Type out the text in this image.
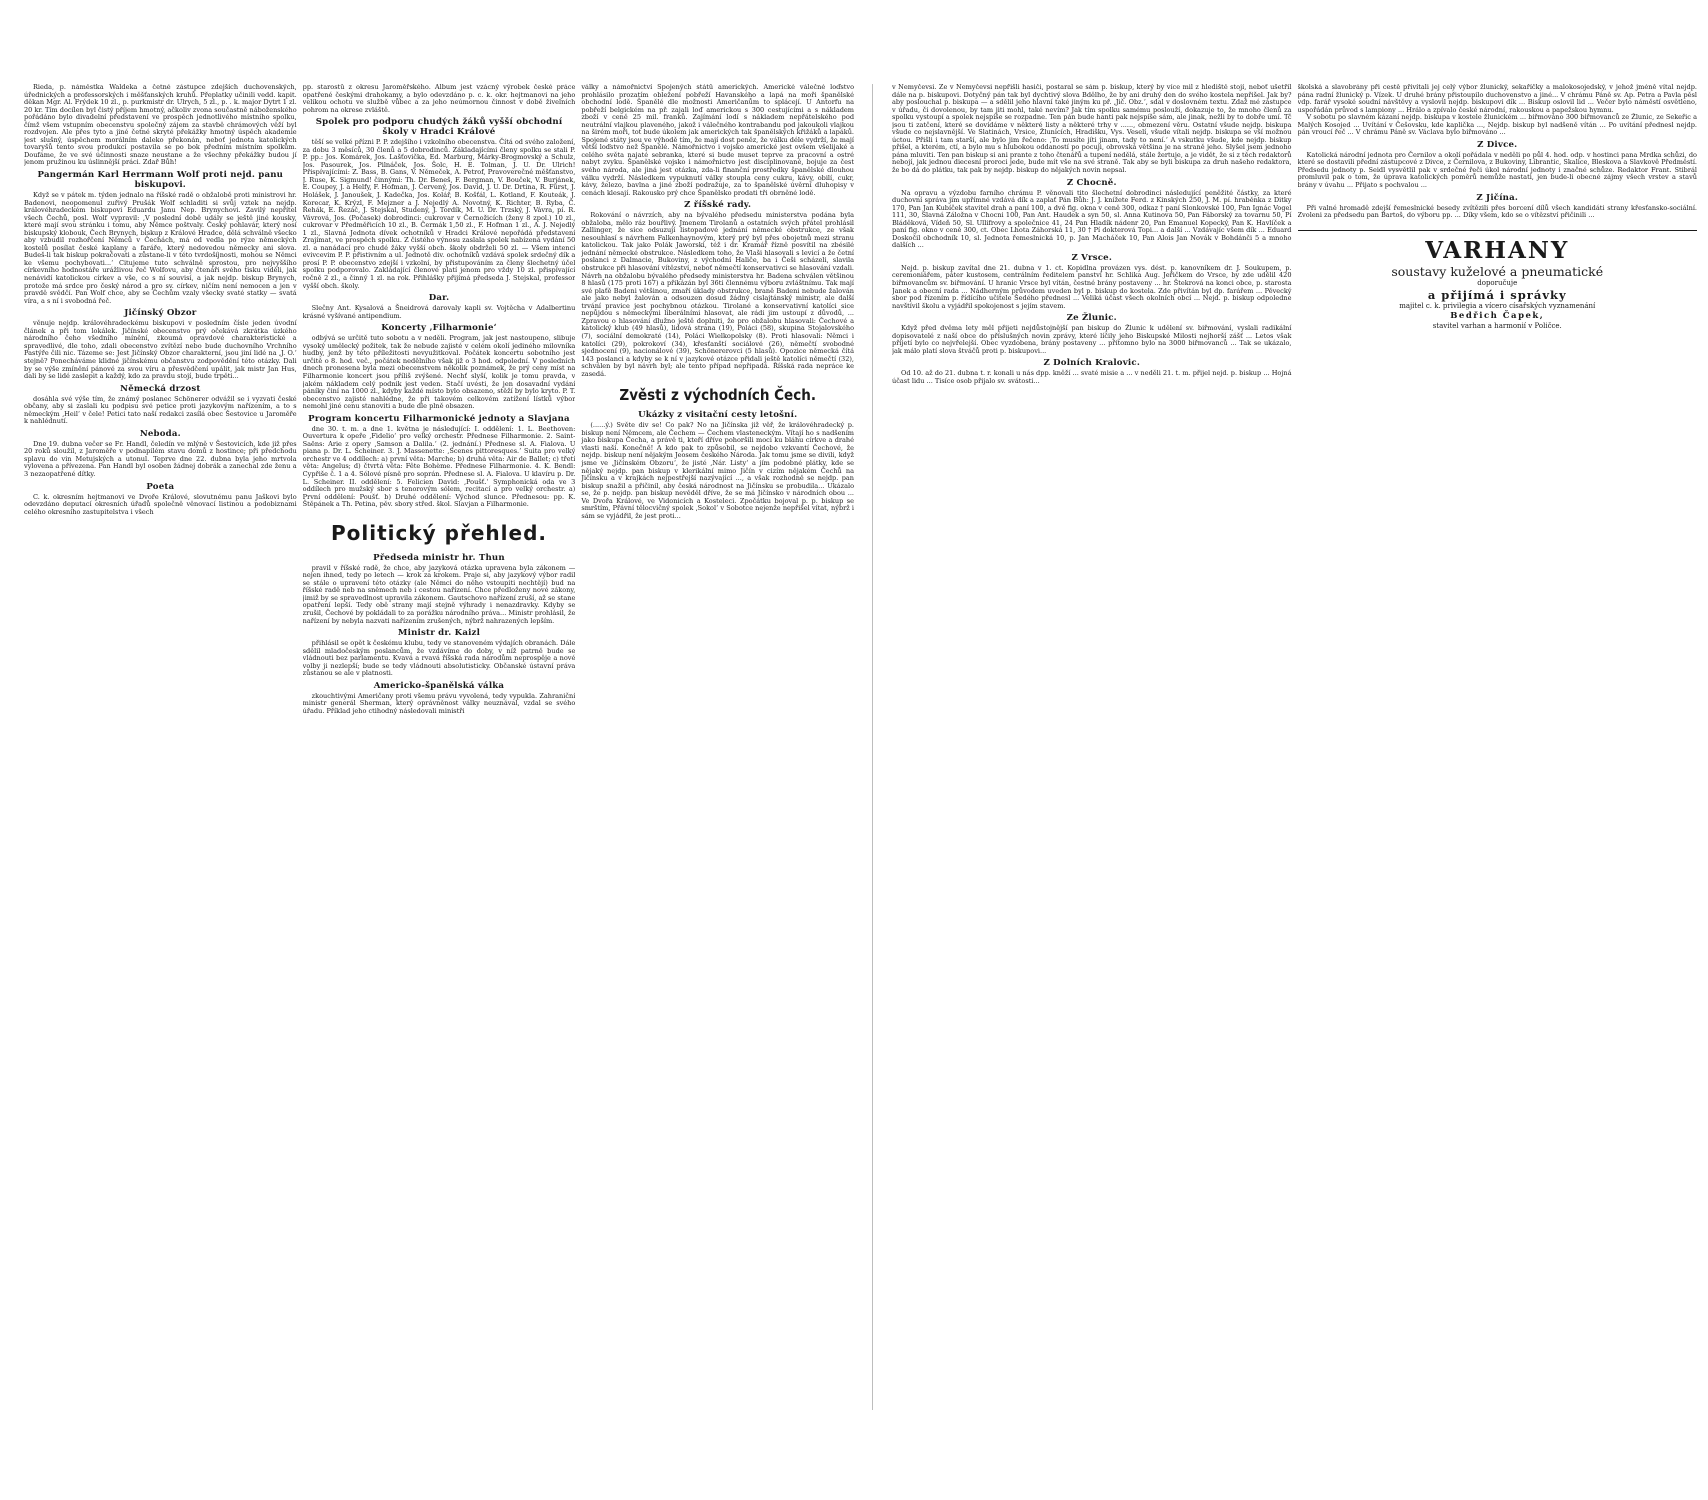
Rieda, p. náměstka Waldeka a četné zástupce zdejších duchovenských, úřednických a professorských i měšťanských kruhů. Přeplatky učinili vedd. kapit. děkan Mgr. Al. Frýdek 10 zl., p. purkmistr dr. Ulrych, 5 zl., p. . k. major Dytrt 1 zl. 20 kr. Tím docílen byl čistý příjem hmotný, ačkoliv zvona součastně náboženského pořádáno bylo divadelní představení ve prospěch jednotlivého místního spolku, čímž všem vstupním obecenstvu společný zájem za stavbě chrámových věží byl rozdvojen. Ale přes tyto a jiné četné skryté překážky hmotný úspěch akademie jest slušný, úspěchem morálním daleko překonán, neboť jednota katolických tovaryšů tento svou produkcí postavila se po bok předním místním spolkům. Doufáme, že ve své účinnosti snaze neustane a že všechny překážky budou jí jenom pružinou ku úslinnější práci. Zdař Bůh!

Pangermán Karl Herrmann Wolf proti nejd. panu biskupovi.

Když se v pátek m. týden jednalo na říšské radě o obžalobě proti ministrovi hr. Badenovi, neopomenul zuřivý Prušák Wolf schladiti si svůj vztek na nejdp. královéhradeckém biskupovi Eduardu Janu Nep. Brynychovi. Zavilý nepřítel všech Čechů, posl. Wolf vypravil: ‚V poslední době udály se ještě jiné kousky, které mají svou stránku i tomu, aby Němce poštvaly. Český pohlavár, který nosí biskupský klobouk, Čech Brynych, biskup z Králové Hradce, dělá schválně všecko aby vzbudil rozhořčení Němců v Čechách, má od vedla po rýze německých kostelů posílat české kaplany a faráře, který nedovedou německy ani slova. Budeš-li tak biskup pokračovati a zůstane-li v této tvrdošíjnosti, mohou se Němci ke všemu pochybovati...‘ Citujeme tuto schválně sprostou, pro nejvyššího církevního hodnostáře urážlivou řeč Wolfovu, aby čtenáři svého tisku viděli, jak nenávidí katolickou církev a vše, co s ní souvisí, a jak nejdp. biskup Brynych, protože má srdce pro český národ a pro sv. církev, ničím není nemocen a jen v pravdě svědčí. Pan Wolf chce, aby se Čechům vzaly všecky svaté statky — svatá víra, a s ní i svobodná řeč.

Jičínský Obzor

věnuje nejdp. královéhradeckému biskupovi v posledním čísle jeden úvodní článek a při tom lokálek. Jičínské obecenstvo prý očekává zkrátka úzkého národního čeho všedního mínění, zkoumá opravdové charakteristické a spravedlivé, dle toho, zdali obecenstvo zvítězí nebo bude duchovního Vrchního Pastýře čili nic. Tázeme se: Jest Jičínský Obzor charakterní, jsou jiní lidé na ‚J. O.‘ stejně? Ponecháváme klidné jičínskému občanstvu zodpovědění této otázky. Dali by se výše zmínění pánové za svou víru a přesvědčení upálit, jak mistr Jan Hus, dali by se lidé zaslepit a každý, kdo za pravdu stojí, bude trpěti...

Německá drzost

dosáhla své výše tím, že známý poslanec Schönerer odvážil se i vyzvati české občany, aby si zaslali ku podpisu své petice proti jazykovým nařízením, a to s německým ‚Heil‘ v čele! Petici tato naší redakci zasílá obec Šestovice u Jaroměře k nahlédnutí.

Neboda.

Dne 19. dubna večer se Fr. Handl, čeledín ve mlýně v Šestovicích, kde již přes 20 roků sloužil, z Jaroměře v podnapilém stavu domů z hostince; při předchodu splavu do vin Metujských a utonul. Teprve dne 22. dubna byla jeho mrtvola vylovena a přívezena. Pan Handl byl osoben žádnej dobrák a zanechal zde ženu a 3 nezaopatřené dítky.

Poeta

C. k. okresním hejtmanovi ve Dvoře Králové, slovutnému panu Jaškovi bylo odevzdáno deputací okresních úřadů společně věnovací listinou a podobiznami celého okresního zastupitelstva i všech

pp. starostů z okresu Jaroměřského. Album jest vzácný výrobek české práce opatřené českými drahokamy, a bylo odevzdáno p. c. k. okr. hejtmanovi na jeho velikou ochotu ve službě vůbec a za jeho neúmornou činnost v době živelních pohrom na okrese zvláště.

Spolek pro podporu chudých žáků vyšší obchodní školy v Hradci Králové

těší se velké přízni P. P. zdejšího i vzkolního obecenstva. Čítá od svého založení, za dobu 3 měsíců, 30 členů a 5 dobrodinců. Základajícími členy spolku se stali P. P. pp.: Jos. Komárek, Jos. Lašťovička, Ed. Marburg, Márky-Brogmovský a Schulz, Jos. Pasourek, Jos. Pilnáček, Jos. Šolc, H. E. Tolman, J. U. Dr. Ulrich! Přispívajícími: Z. Bass, B. Gans, V. Němeček, A. Petrof, Pravoverečné měšťanstvo, J. Ruse, K. Sigmund! činnými: Th. Dr. Beneš, F. Bergman, V. Bouček, V. Burjánek, E. Coupey, J. a Helfy, F. Hofman, J. Červený, Jos. David, J. U. Dr. Drtina, R. Fürst, J. Holášek, J. Janoušek, J. Kadečka, Jos. Kolář, B. Košťál, L. Kotland, F. Kouteák, J. Korecar, K. Krýzl, F. Mejzner a J. Nejedlý A. Novotný, K. Richter, B. Ryba, Č. Řehák, E. Řezáč, J. Stejskal, Studený, J. Tordík, M. U. Dr. Trzský, J. Vávra, pí. R. Vávrová, Jos. (Počasek) dobrodinci: cukrovar v Černožicích (ženy 8 zpol.) 10 zl., cukrovar v Předměřicích 10 zl., B. Čermák 1,50 zl., F. Hofman 1 zl., A. J. Nejedlý 1 zl., Slavná Jednota dívek ochotníků v Hradci Králové nepořádá představení Zrajímat, ve prospěch spolku. Z čistého výnosu zaslala spolek nabízená vydání 50 zl. a nanádací pro chudé žáky vyšší obch. školy obdrželi 50 zl. — Všem intencí evivcevim P. P. přistivním a ul. Jednotě div. ochotníků vzdává spolek srdečný dík a prosí P. P. obecenstvo zdejší i vzkolní, by přistupováním za členy šlechetný účel spolku podporovalo. Zakládající členové platí jenom pro vždy 10 zl. přispívající ročně 2 zl., a činný 1 zl. na rok. Přihlášky přijímá předseda J. Stejskal, professor vyšší obch. školy.

Dar.

Slečny Ant. Kysalová a Šneidrová darovaly kapli sv. Vojtěcha v Adalbertinu krásné vyšívané antipendium.

Koncerty ‚Filharmonie‘

odbývá se určitě tuto sobotu a v neděli. Program, jak jest nastoupeno, slibuje vysoký umělecký požitek, tak že nebude zajisté v celém okolí jediného milovníka hudby, jenž by této příležitosti nevyužitkoval. Počátek koncertu sobotního jest určitě o 8. hod. več., počátek nedělního však již o 3 hod. odpolední. V posledních dnech pronesena byla mezi obecenstvem několik poznámek, že prý ceny míst na Filharmonie koncert jsou příliš zvýšené. Nechť slyší, kolik je tomu pravda, v jakém nákladem celý podnik jest veden. Stačí uvésti, že jen dosavadní vydání páníky činí na 1000 zl., kdyby každé místo bylo obsazeno, stěží by bylo kryto. P. T. obecenstvo zajisté nahlédne, že při takovém celkovém zatížení lístků výbor nemohl jiné cenu stanoviti a bude dle plně obsazen.

Program koncertu Filharmonické jednoty a Slavjana

dne 30. t. m. a dne 1. května je následující: I. oddělení: 1. L. Beethoven: Ouvertura k opeře ‚Fidelio‘ pro velký orchestr. Přednese Filharmonie. 2. Saint-Saëns: Arie z opery ‚Samson a Dalila.‘ (2. jednání.) Přednese sl. A. Fialova. U piana p. Dr. L. Scheiner. 3. J. Massenette: ‚Scenes pittoresques.‘ Suita pro velký orchestr ve 4 oddílech: a) první věta: Marche; b) druhá věta: Air de Ballet; c) třetí věta: Angelus; d) čtvrtá věta: Fête Bohème. Přednese Filharmonie. 4. K. Bendl: Cypřiše č. 1 a 4. Sólové písně pro soprán. Přednese sl. A. Fialova. U klavíru p. Dr. L. Scheiner. II. oddělení: 5. Felicien David: ‚Poušť.‘ Symphonická oda ve 3 oddílech pro mužský sbor s tenorovým sólem, recitací a pro velký orchestr. a) První oddělení: Poušť. b) Druhé oddělení: Východ slunce. Přednesou: pp. K. Štěpánek a Th. Petina, pěv. sbory střed. škol. Slavjan a Filharmonie.

Politický přehled.
Předseda ministr hr. Thun

pravil v říšské radě, že chce, aby jazyková otázka upravena byla zákonem — nejen ihned, tedy po letech — krok za krokem. Praje si, aby jazykový výbor radil se stále o upravení této otázky (ale Němci do něho vstoupiti nechtějí) bud na říšské radě neb na sněmech neb i cestou nařízení. Chce předloženy nové zákony, jimiž by se spravedlnost upravila zákonem. Gautschovo nařízení zruší, až se stane opatření lepší. Tedy obě strany mají stejně výhrady i nenazdravky. Kdyby se zrušil, Čechové by pokládali to za porážku národního práva... Ministr prohlásil, že nařízení by nebyla nazvati nařízením zrušených, nýbrž nahrazených lepším.

Ministr dr. Kaizl

přihlásil se opět k českému klubu, tedy ve stanoveném výdajích obranách. Dále sdělil mladočeským poslancům, že vzdávíme do doby, v níž patrně bude se vládnouti bez parlamentu. Kvavá a rvavá říšská rada národům neprospěje a nové volby ji nezlepší; bude se tedy vládnouti absolutisticky. Občanské ústavní práva zůstanou se ale v platnosti.

Americko-španělská válka

zkouchtivými Američany proti všemu právu vyvolená, tedy vypukla. Zahraniční ministr generál Sherman, který oprávněnost války neuznával, vzdal se svého úřadu. Příklad jeho ctihodný následovali ministři

války a námořnictví Spojených států amerických. Americké válečné loďstvo prohlásilo prozatím obležení pobřeží Havanského a lapá na moři španělské obchodní lodě. Španělé dle možnosti Američanům to splácejí. U Antorfu na pobřeží belgickém na př. zajali loď americkou s 300 cestujícími a s nákladem zboží v ceně 25 mil. franků. Zajímání lodí s nákladem nepřátelského pod neutrální vlajkou plaveného, jakož i válečného kontrabandu pod jakoukoli vlajkou na širém moři, tot bude úkolem jak amerických tak španělských křižáků a lapáků. Spojené státy jsou ve výhodě tím, že mají dost peněz, že válku déle vydrží, že mají větší loďstvo než Španělé. Námořnictvo i vojsko americké jest ovšem všelijaké a celého světa najaté sebranka, které si bude muset teprve za pracovní a ostré nabyt zvyku. Španělské vojsko i námořnictvo jest disciplinované, bojuje za čest svého národa, ale jiná jest otázka, zda-li finanční prostředky španělské dlouhou válku vydrží. Následkem vypuknutí války stoupla ceny cukru, kávy, obilí, cukr, kávy, železo, bavlna a jiné zboží podražuje, za to španělské úvěrní dluhopisy v cenách klesají. Rakousko prý chce Španělsko prodati tři obrněné lodě.

Z říšské rady.

Rokování o návrzích, aby na bývalého předsedu ministerstva podána byla obžaloba, mělo ráz bouřlivý. Jmenem Tirolanů a ostatních svých přátel prohlásil Zallinger, že sice odsuzují listopadové jednání německé obstrukce, ze však nesouhlasí s návrhem Falkenhaynovým, který prý byl přes obojetnů mezi stranu katolickou. Tak jako Polák Jaworski, též i dr. Kramář řízně posvítil na zbésilé jednání německé obstrukce. Následkem toho, že Vlaši hlasovali s levicí a že četní poslanci z Dalmacie, Bukoviny, z východní Haliče, ba i Češi scházeli, slavila obstrukce při hlasování vítězství, neboť němečtí konservativci se hlasování vzdali. Návrh na obžalobu bývalého předsedy ministerstva hr. Badena schválen většinou 8 hlasů (175 proti 167) a přikázán byl 36ti člennému výboru zvláštnímu. Tak mají své plaťě Badeni většinou, zmaří úklady obstrukce, braně Badeni nebude žalován ale jako nebyl žalován a odsouzen dosud žádný cislajtánský ministr, ale další trvání pravice jest pochybnou otázkou. Tirolané a konservativní katolíci sice nepůjdou s německými liberálními hlasovat, ale rádi jim ustoupí z důvodů, ... Zpravou o hlasování dlužno ještě doplniti, že pro obžalobu hlasovali: Čechové a katolický klub (49 hlasů), lidová strana (19), Poláci (58), skupina Stojalovského (7), sociální demokraté (14), Poláci Wielkopolsky (8). Proti hlasovali: Němci i katolíci (29), pokrokoví (34), křesťanští sociálové (26), němečtí svobodné sjednocení (9), nacionálové (39), Schönererovci (5 hlasů). Opozice německá čítá 143 poslanci a kdyby se k ní v jazykové otázce přidali ještě katolíci němečtí (32), schválen by byl návrh byl; ale tento případ nepřipadá. Říšská rada nepráce ke zasedá.

Zvěsti z východních Čech.
Ukázky z visitační cesty letošní.

(......ý.) Světe div se! Co pak? No na Jičínska již věř, že královéhradecký p. biskup není Němcem, ale Čechem — Čechem vlasteneckým. Vítají ho s nadšením jako biskupa Čecha, a právě ti, kteří dříve pohoršili moci ku bláhu církve a drahé vlasti naší. Konečně! A kdo pak to způsobil, se nejdobo vzkvantí Čechové, že nejdp. biskup není nějakým Jeosem českého Národa. Jak tomu jsme se divili, když jsme ve ‚Jičínském Obzoru‘, že jisté ‚Nár. Listy‘ a jím podobné plátky, kde se nějaký nejdp. pan biskup v klerikální mimo Jičín v cizím nějakém Čechů na Jičínsku a v krajkách nejpestřejší nazývající ..., a však rozhodně se nejdp. pan biskup snažil a přičinil, aby česká národnost na Jičínsku se probudila... Ukázalo se, že p. nejdp. pan biskup nevěděl dříve, že se má Jičínsko v národních obou ... Ve Dvořa Králové, ve Vidonicích a Kosteleci. Zpočátku bojoval p. p. biskup se smrštím, Přávní tělocvičný spolek ‚Sokol‘ v Sobotce nejenže nepřišel vítat, nýbrž i sám se vyjádřil, že jest proti...

v Nemyčevsi. Že v Nemyčevsi nepřišli hasiči, postaral se sám p. biskup, který by více mil z hlediště stojí, neboť ušetřil dále na p. biskupovi. Dotyčný pán tak byl dychtivý slova Bdělho, že by ani druhý den do svého kostela nepřišel. Jak by? aby poslouchal p. biskupa — a sdělil jeho hlavní také jiným ku př. ‚Jič. Obz.‘, sdal v doslovném textu. Zdaž mé zástupce v úřadu, či dovolenou, by tam jiti mohl, také nevím? Jak tím spolku samému poslouží, dokazuje to, že mnoho členů za spolku vystoupí a spolek nejspíše se rozpadne. Ten pán bude hanti pak nejspíše sám, ale jinak, nežli by to dobře umí. Tč jsou ti zatčení, které se dovídáme v některé listy a některé trhy v ......, obmezení věru. Ostatní všude nejdp. biskupa všude co nejslavnější. Ve Slatinách, Vrsice, Žlunicích, Hradišku, Vys. Veselí, všude vítali nejdp. biskupa se vší možnou úctou. Přišli i tam starší, ale bylo jim řečeno: ‚To musíte jíti jinam, tady to není.‘ A vskutku všude, kde nejdp. biskup přišel, a kterém, ctí, a bylo mu s hlubokou oddaností po pocuji, obrovská většina je na straně jeho. Slyšel jsem jednoho pána mluviti. Ten pan biskup si ani prante z toho čtenářů a tupení nedělá, stále žertuje, a je vidět, že si z těch redaktorů nebojí, jak jednou diecesní proroci jede, bude mít vše na své straně. Tak aby se byli biskupa za druh našeho redaktora, že bo dá do plátku, tak pak by nejdp. biskup do nějakých novin nepsal.

Z Chocně.

Na opravu a výzdobu farního chrámu P. věnovali tito šlechetní dobrodinci následující peněžité částky, za které duchovní správa jim upřímné vzdává dík a zaplať Pán Bůh: J. J. knížete Ferd. z Kinských 250, J. M. pí. hraběnka z Ditky 170, Pan Jan Kubíček stavitel drah a paní 100, a dvě fig. okna v ceně 300, odkaz † paní Slonkovské 100, Pan Ignác Vogel 111, 30, Slavná Záložna v Chocni 100, Pan Ant. Haudek a syn 50, sl. Anna Kutinova 50, Pan Fáborský za tovarnu 50, Pí Bláděková, Vídeň 50, Sl. Ullifrovy a společnice 41, 24 Pan Hladík nádenr 20, Pan Emanuel Kopecký, Pan K. Havlíček a paní fig. okno v ceně 300, ct. Obec Lhota Záhorská 11, 30 † Pí dokterová Topi... a další ... Vzdávajíc všem dík ... Eduard Doskočil obchodník 10, sl. Jednota řemeslnická 10, p. Jan Macháček 10, Pan Alois Jan Novák v Bohdánči 5 a mnoho dalších ...

Z Vrsce.

Nejd. p. biskup zavítal dne 21. dubna v 1. ct. Kopidlna provázen vys. dést. p. kanovníkem dr. J. Soukupem, p. ceremoniářem, páter kustosem, centrálním ředitelem panství hr. Schlika Aug. Jeřičkem do Vrsce, by zde udělil 420 biřmovancům sv. biřmování. U hranic Vrsce byl vítán, čestné brány postaveny ... hr. Štekrová na konci obce, p. starosta Janek a obecní rada ... Nádherným průvodem uveden byl p. biskup do kostela. Zde přivítán byl dp. farářem ... Pěvecký sbor pod řízením p. řídícího učitele Šedého přednesl ... Veliká účast všech okolních obcí ... Nejd. p. biskup odpoledne navštívil školu a vyjádřil spokojenost s jejím stavem.

Ze Žlunic.

Když před dvěma lety měl přijeti nejdůstojnější pan biskup do Žlunic k udělení sv. biřmování, vyslali radikální dopisovatelé z naší obce do příslušných novin zprávy, které líčily jeho Biskupské Milosti nejhorší zášť ... Letos však přijetí bylo co nejvřelejší. Obec vyzdobena, brány postaveny ... přítomno bylo na 3000 biřmovanců ... Tak se ukázalo, jak málo platí slova štváčů proti p. biskupovi...

Z Dolních Kralovic.

Od 10. až do 21. dubna t. r. konali u nás dpp. kněží ... svaté misie a ... v neděli 21. t. m. přijel nejd. p. biskup ... Hojná účast lidu ... Tisíce osob přijalo sv. svátosti...

školská a slavobrány při cestě přivítali jej celý výbor žlunický, sekaříčky a malokosojedský, v jehož jméně vítal nejdp. pána radní žlunický p. Vízek. U druhé brány přistoupilo duchovenstvo a jiné... V chrámu Páně sv. Ap. Petra a Pavla pěsl vdp. farář vysoké soudní návštěvy a vyslovil nejdp. biskupovi dík ... Biskup oslovil lid ... Večer bylo náměstí osvětleno, uspořádán průvod s lampiony ... Hrálo a zpívalo české národní, rakouskou a papežskou hymnu.

V sobotu po slavném kázaní nejdp. biskupa v kostele žlunickém ... biřmováno 300 biřmovanců ze Žlunic, ze Sekeřic a Malých Kosojed ... Uvítání v Češovsku, kde kaplička ..., Nejdp. biskup byl nadšeně vítán ... Po uvítání přednesl nejdp. pán vroucí řeč ... V chrámu Páně sv. Václava bylo biřmováno ...

Z Divce.

Katolická národní jednota pro Černilov a okolí pořádala v neděli po půl 4. hod. odp. v hostinci pana Mrdka schůzi, do které se dostavili přední zástupcové z Divce, z Černilova, z Bukoviny, Librantic, Skalice, Bleskova a Slavkově Předměstí. Předsedu jednoty p. Seidl vysvětlil pak v srdečné řeči úkol národní jednoty i značné schůze. Redaktor Frant. Stibrál promluvil pak o tom, že úprava katolických poměrů nemůže nastati, jen bude-li obecné zájmy všech vrstev a stavů brány v úvahu ... Přijato s pochvalou ...

Z Jičína.

Při valné hromadě zdejší řemeslnické besedy zvítězili přes borcení dílů všech kandidáti strany křesťansko-sociální. Zvoleni za předsedu pan Bartoš, do výboru pp. ... Díky všem, kdo se o vítězství přičinili ...

VARHANY
soustavy kuželové a pneumatické
doporučuje
a přijímá i správky
majitel c. k. privilegia a vícero císařských vyznamenání
Bedřich Čapek,
stavitel varhan a harmonií v Poličce.
